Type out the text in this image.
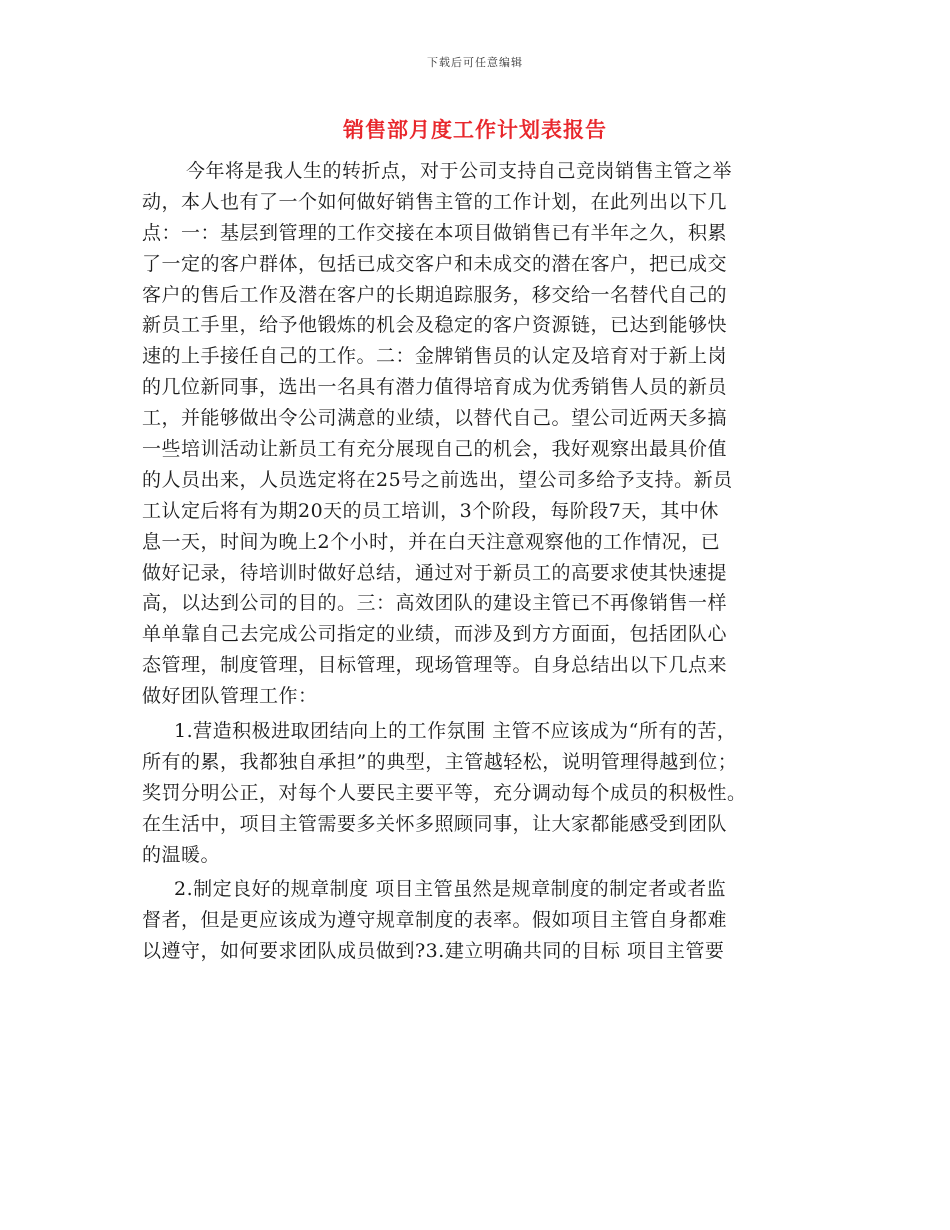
下载后可任意编辑
销售部月度工作计划表报告
今年将是我人生的转折点，对于公司支持自己竞岗销售主管之举
动，本人也有了一个如何做好销售主管的工作计划，在此列出以下几
点：一：基层到管理的工作交接在本项目做销售已有半年之久，积累
了一定的客户群体，包括已成交客户和未成交的潜在客户，把已成交
客户的售后工作及潜在客户的长期追踪服务，移交给一名替代自己的
新员工手里，给予他锻炼的机会及稳定的客户资源链，已达到能够快
速的上手接任自己的工作。二：金牌销售员的认定及培育对于新上岗
的几位新同事，选出一名具有潜力值得培育成为优秀销售人员的新员
工，并能够做出令公司满意的业绩，以替代自己。望公司近两天多搞
一些培训活动让新员工有充分展现自己的机会，我好观察出最具价值
的人员出来，人员选定将在25号之前选出，望公司多给予支持。新员
工认定后将有为期20天的员工培训，3个阶段，每阶段7天，其中休
息一天，时间为晚上2个小时，并在白天注意观察他的工作情况，已
做好记录，待培训时做好总结，通过对于新员工的高要求使其快速提
高，以达到公司的目的。三：高效团队的建设主管已不再像销售一样
单单靠自己去完成公司指定的业绩，而涉及到方方面面，包括团队心
态管理，制度管理，目标管理，现场管理等。自身总结出以下几点来
做好团队管理工作：
1.营造积极进取团结向上的工作氛围 主管不应该成为“所有的苦，
所有的累，我都独自承担”的典型，主管越轻松，说明管理得越到位；
奖罚分明公正，对每个人要民主要平等，充分调动每个成员的积极性。
在生活中，项目主管需要多关怀多照顾同事，让大家都能感受到团队
的温暖。
2.制定良好的规章制度 项目主管虽然是规章制度的制定者或者监
督者，但是更应该成为遵守规章制度的表率。假如项目主管自身都难
以遵守，如何要求团队成员做到?3.建立明确共同的目标 项目主管要
